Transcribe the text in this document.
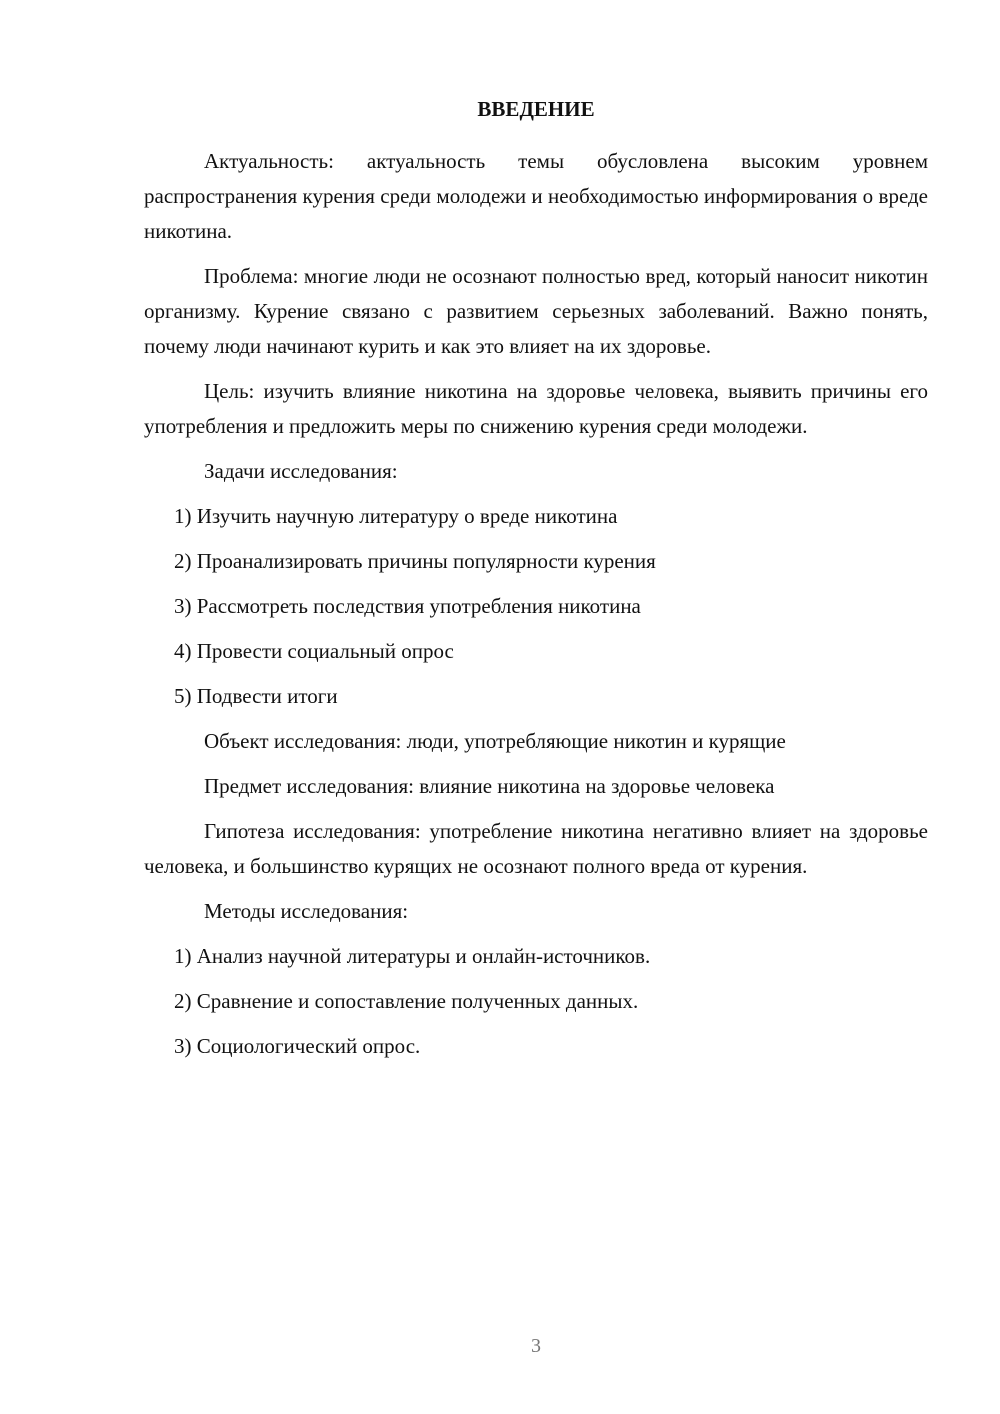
ВВЕДЕНИЕ

Актуальность: актуальность темы обусловлена высоким уровнем распространения курения среди молодежи и необходимостью информирования о вреде никотина.

Проблема: многие люди не осознают полностью вред, который наносит никотин организму. Курение связано с развитием серьезных заболеваний. Важно понять, почему люди начинают курить и как это влияет на их здоровье.

Цель: изучить влияние никотина на здоровье человека, выявить причины его употребления и предложить меры по снижению курения среди молодежи.

Задачи исследования:

1) Изучить научную литературу о вреде никотина
2) Проанализировать причины популярности курения
3) Рассмотреть последствия употребления никотина
4) Провести социальный опрос
5) Подвести итоги

Объект исследования: люди, употребляющие никотин и курящие

Предмет исследования: влияние никотина на здоровье человека

Гипотеза исследования: употребление никотина негативно влияет на здоровье человека, и большинство курящих не осознают полного вреда от курения.

Методы исследования:

1) Анализ научной литературы и онлайн-источников.
2) Сравнение и сопоставление полученных данных.
3) Социологический опрос.
3
